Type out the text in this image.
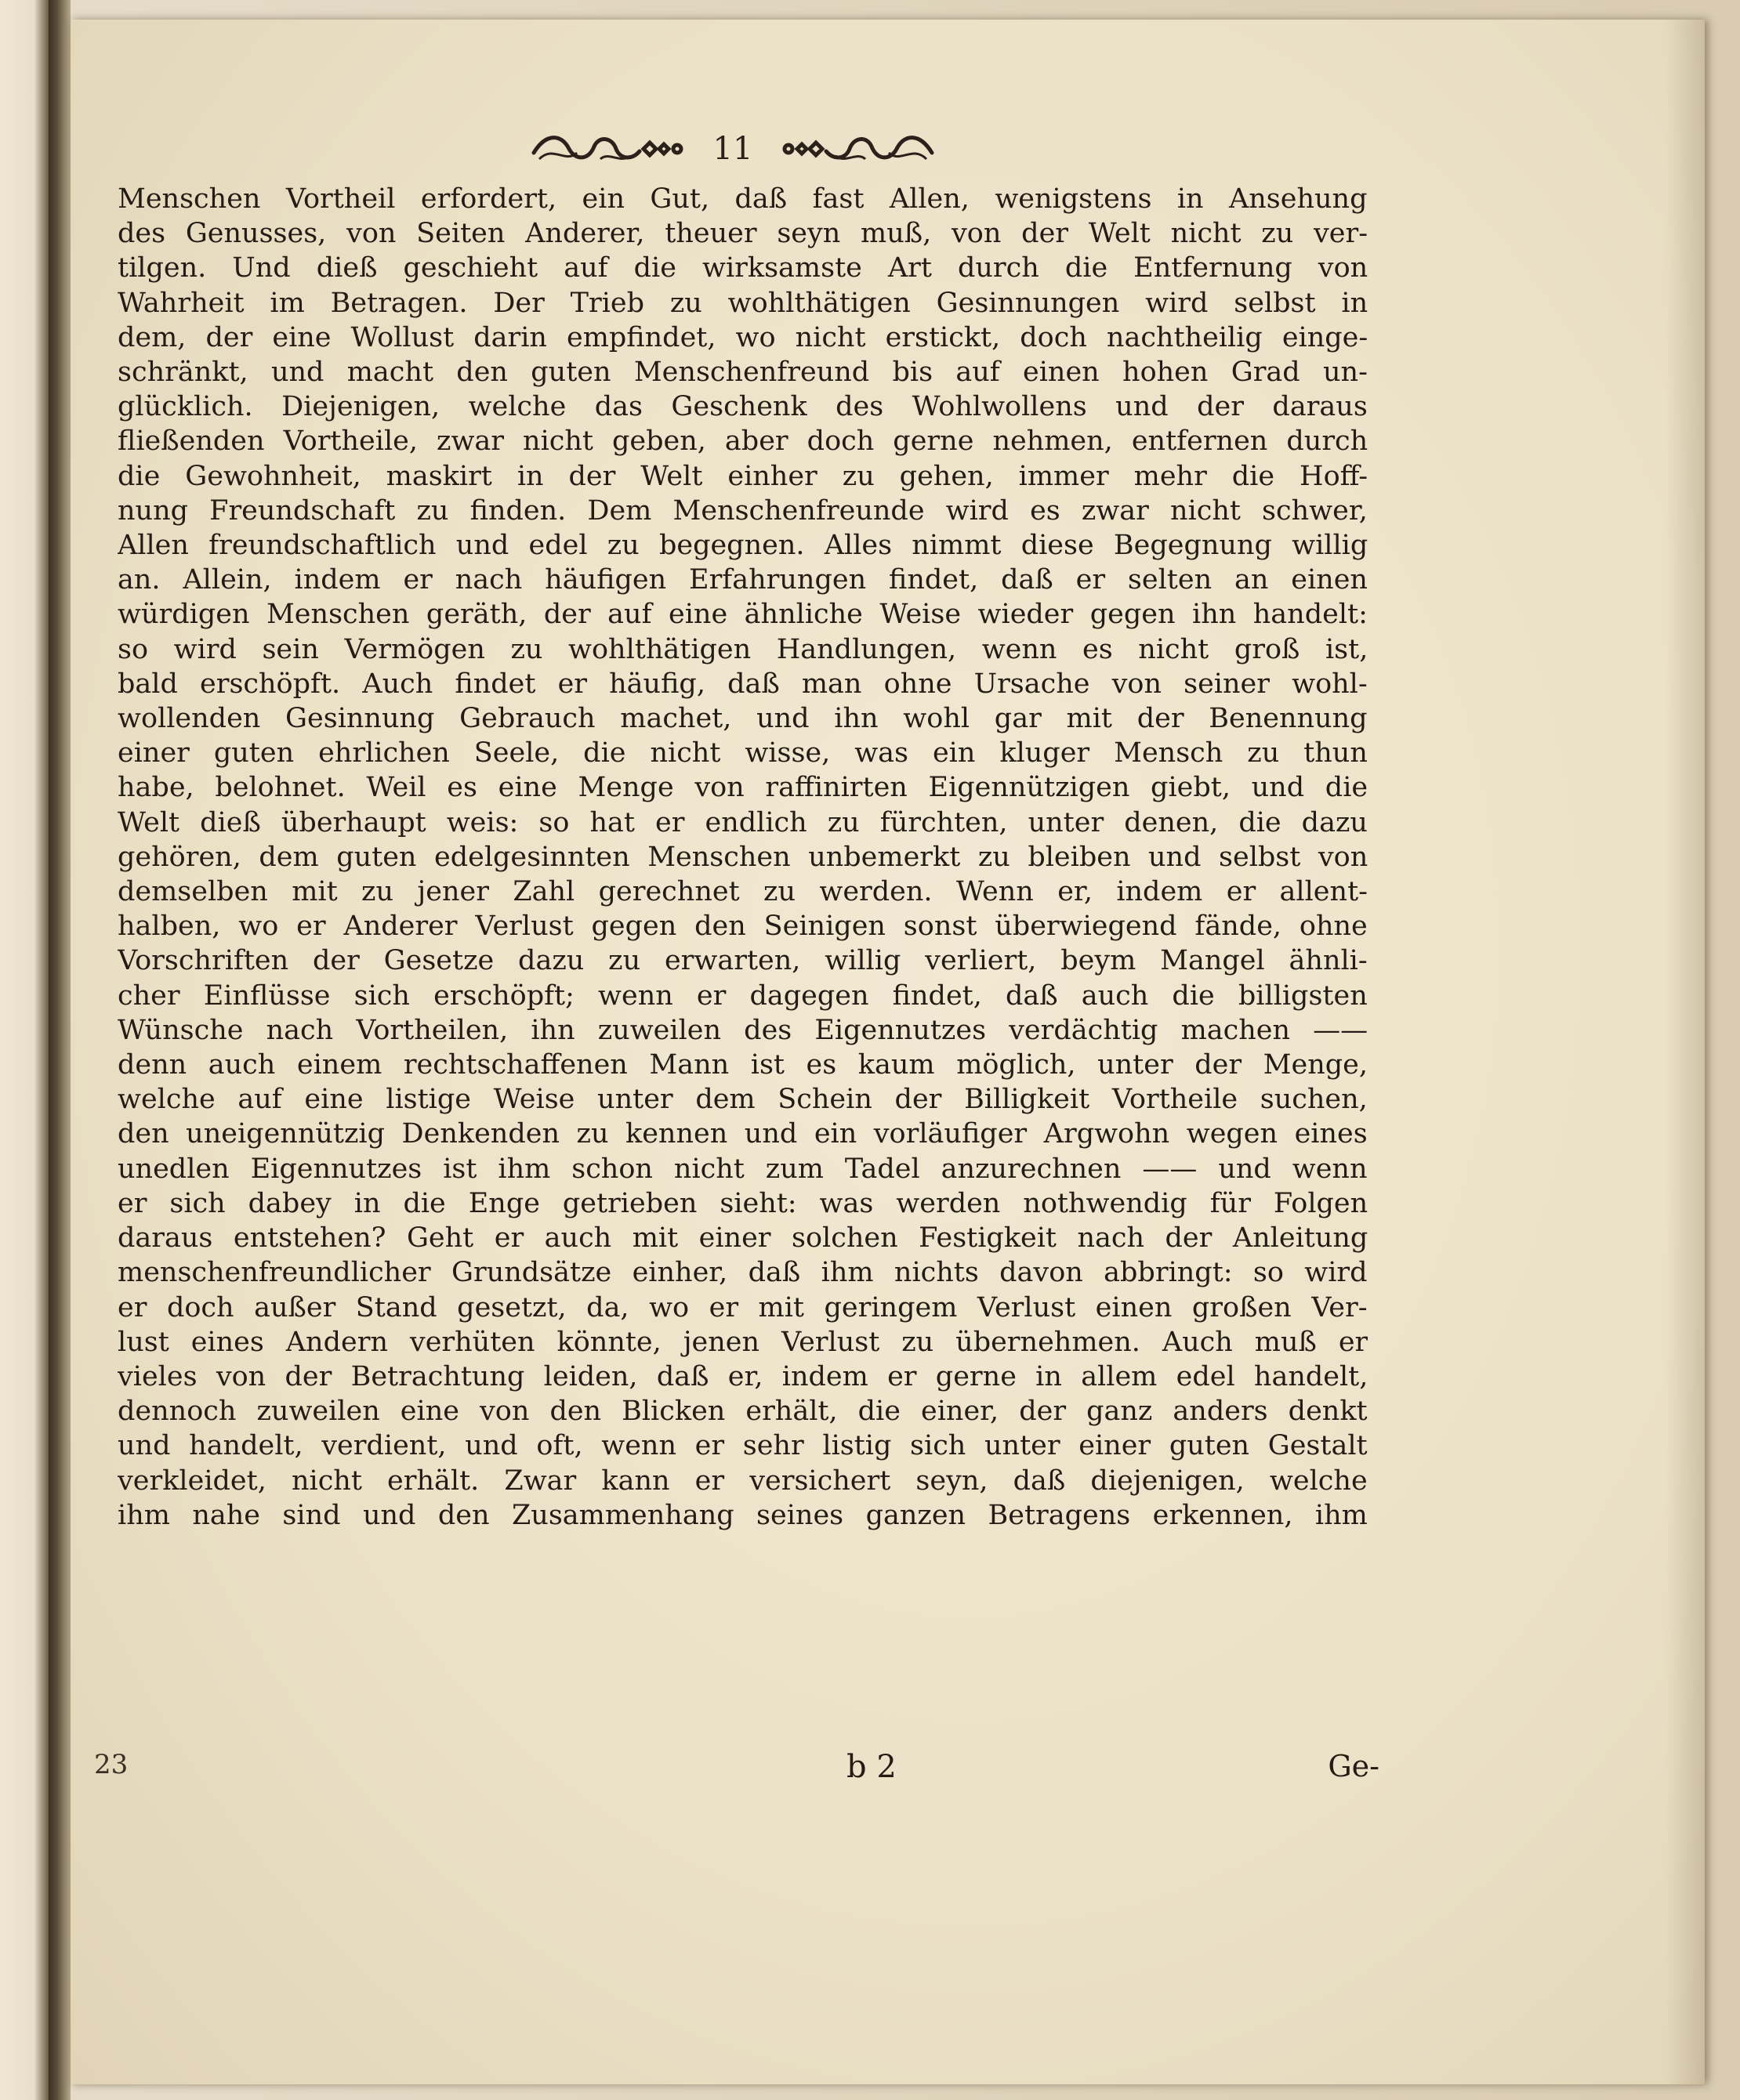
11
Menschen Vortheil erfordert, ein Gut, daß fast Allen, wenigstens in Ansehung
des Genusses, von Seiten Anderer, theuer seyn muß, von der Welt nicht zu ver-
tilgen. Und dieß geschieht auf die wirksamste Art durch die Entfernung von
Wahrheit im Betragen. Der Trieb zu wohlthätigen Gesinnungen wird selbst in
dem, der eine Wollust darin empfindet, wo nicht erstickt, doch nachtheilig einge-
schränkt, und macht den guten Menschenfreund bis auf einen hohen Grad un-
glücklich. Diejenigen, welche das Geschenk des Wohlwollens und der daraus
fließenden Vortheile, zwar nicht geben, aber doch gerne nehmen, entfernen durch
die Gewohnheit, maskirt in der Welt einher zu gehen, immer mehr die Hoff-
nung Freundschaft zu finden. Dem Menschenfreunde wird es zwar nicht schwer,
Allen freundschaftlich und edel zu begegnen. Alles nimmt diese Begegnung willig
an. Allein, indem er nach häufigen Erfahrungen findet, daß er selten an einen
würdigen Menschen geräth, der auf eine ähnliche Weise wieder gegen ihn handelt:
so wird sein Vermögen zu wohlthätigen Handlungen, wenn es nicht groß ist,
bald erschöpft. Auch findet er häufig, daß man ohne Ursache von seiner wohl-
wollenden Gesinnung Gebrauch machet, und ihn wohl gar mit der Benennung
einer guten ehrlichen Seele, die nicht wisse, was ein kluger Mensch zu thun
habe, belohnet. Weil es eine Menge von raffinirten Eigennützigen giebt, und die
Welt dieß überhaupt weis: so hat er endlich zu fürchten, unter denen, die dazu
gehören, dem guten edelgesinnten Menschen unbemerkt zu bleiben und selbst von
demselben mit zu jener Zahl gerechnet zu werden. Wenn er, indem er allent-
halben, wo er Anderer Verlust gegen den Seinigen sonst überwiegend fände, ohne
Vorschriften der Gesetze dazu zu erwarten, willig verliert, beym Mangel ähnli-
cher Einflüsse sich erschöpft; wenn er dagegen findet, daß auch die billigsten
Wünsche nach Vortheilen, ihn zuweilen des Eigennutzes verdächtig machen ——
denn auch einem rechtschaffenen Mann ist es kaum möglich, unter der Menge,
welche auf eine listige Weise unter dem Schein der Billigkeit Vortheile suchen,
den uneigennützig Denkenden zu kennen und ein vorläufiger Argwohn wegen eines
unedlen Eigennutzes ist ihm schon nicht zum Tadel anzurechnen —— und wenn
er sich dabey in die Enge getrieben sieht: was werden nothwendig für Folgen
daraus entstehen? Geht er auch mit einer solchen Festigkeit nach der Anleitung
menschenfreundlicher Grundsätze einher, daß ihm nichts davon abbringt: so wird
er doch außer Stand gesetzt, da, wo er mit geringem Verlust einen großen Ver-
lust eines Andern verhüten könnte, jenen Verlust zu übernehmen. Auch muß er
vieles von der Betrachtung leiden, daß er, indem er gerne in allem edel handelt,
dennoch zuweilen eine von den Blicken erhält, die einer, der ganz anders denkt
und handelt, verdient, und oft, wenn er sehr listig sich unter einer guten Gestalt
verkleidet, nicht erhält. Zwar kann er versichert seyn, daß diejenigen, welche
ihm nahe sind und den Zusammenhang seines ganzen Betragens erkennen, ihm
23	b 2	Ge-
